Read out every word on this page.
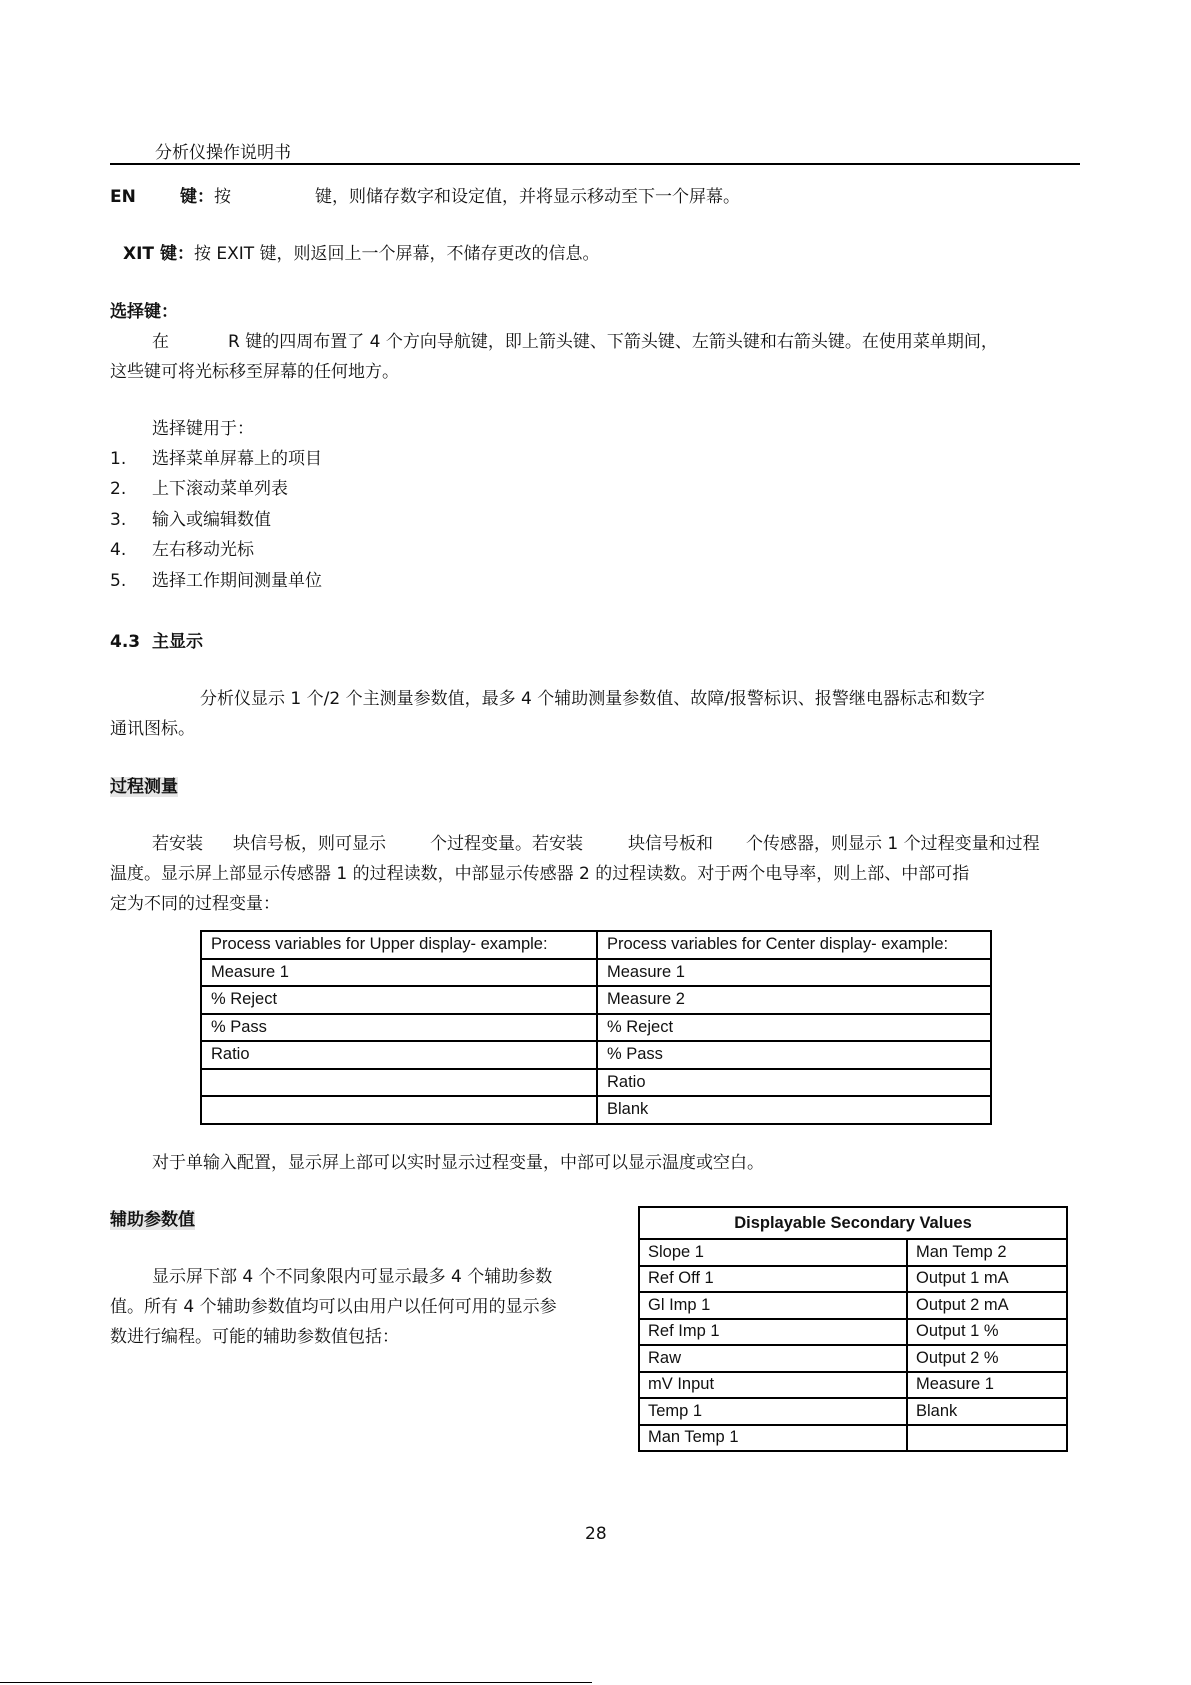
分析仪操作说明书
EN	键：按	键，则储存数字和设定值，并将显示移动至下一个屏幕。
XIT 键：按 EXIT 键，则返回上一个屏幕，不储存更改的信息。
选择键：
在	R 键的四周布置了 4 个方向导航键，即上箭头键、下箭头键、左箭头键和右箭头键。在使用菜单期间，
这些键可将光标移至屏幕的任何地方。
选择键用于：
1. 选择菜单屏幕上的项目
2. 上下滚动菜单列表
3. 输入或编辑数值
4. 左右移动光标
5. 选择工作期间测量单位
4.3 主显示
分析仪显示 1 个/2 个主测量参数值，最多 4 个辅助测量参数值、故障/报警标识、报警继电器标志和数字
通讯图标。
过程测量
若安装 块信号板，则可显示	个过程变量。若安装	块信号板和 个传感器，则显示 1 个过程变量和过程
温度。显示屏上部显示传感器 1 的过程读数，中部显示传感器 2 的过程读数。对于两个电导率，则上部、中部可指
定为不同的过程变量：
Process variables for Upper display- example:	Process variables for Center display- example:
Measure 1	Measure 1
% Reject	Measure 2
% Pass	% Reject
Ratio	% Pass
	Ratio
	Blank
对于单输入配置，显示屏上部可以实时显示过程变量，中部可以显示温度或空白。
辅助参数值
显示屏下部 4 个不同象限内可显示最多 4 个辅助参数
值。所有 4 个辅助参数值均可以由用户以任何可用的显示参
数进行编程。可能的辅助参数值包括：
Displayable Secondary Values	
Slope 1	Man Temp 2
Ref Off 1	Output 1 mA
Gl Imp 1	Output 2 mA
Ref Imp 1	Output 1 %
Raw	Output 2 %
mV Input	Measure 1
Temp 1	Blank
Man Temp 1	
28
